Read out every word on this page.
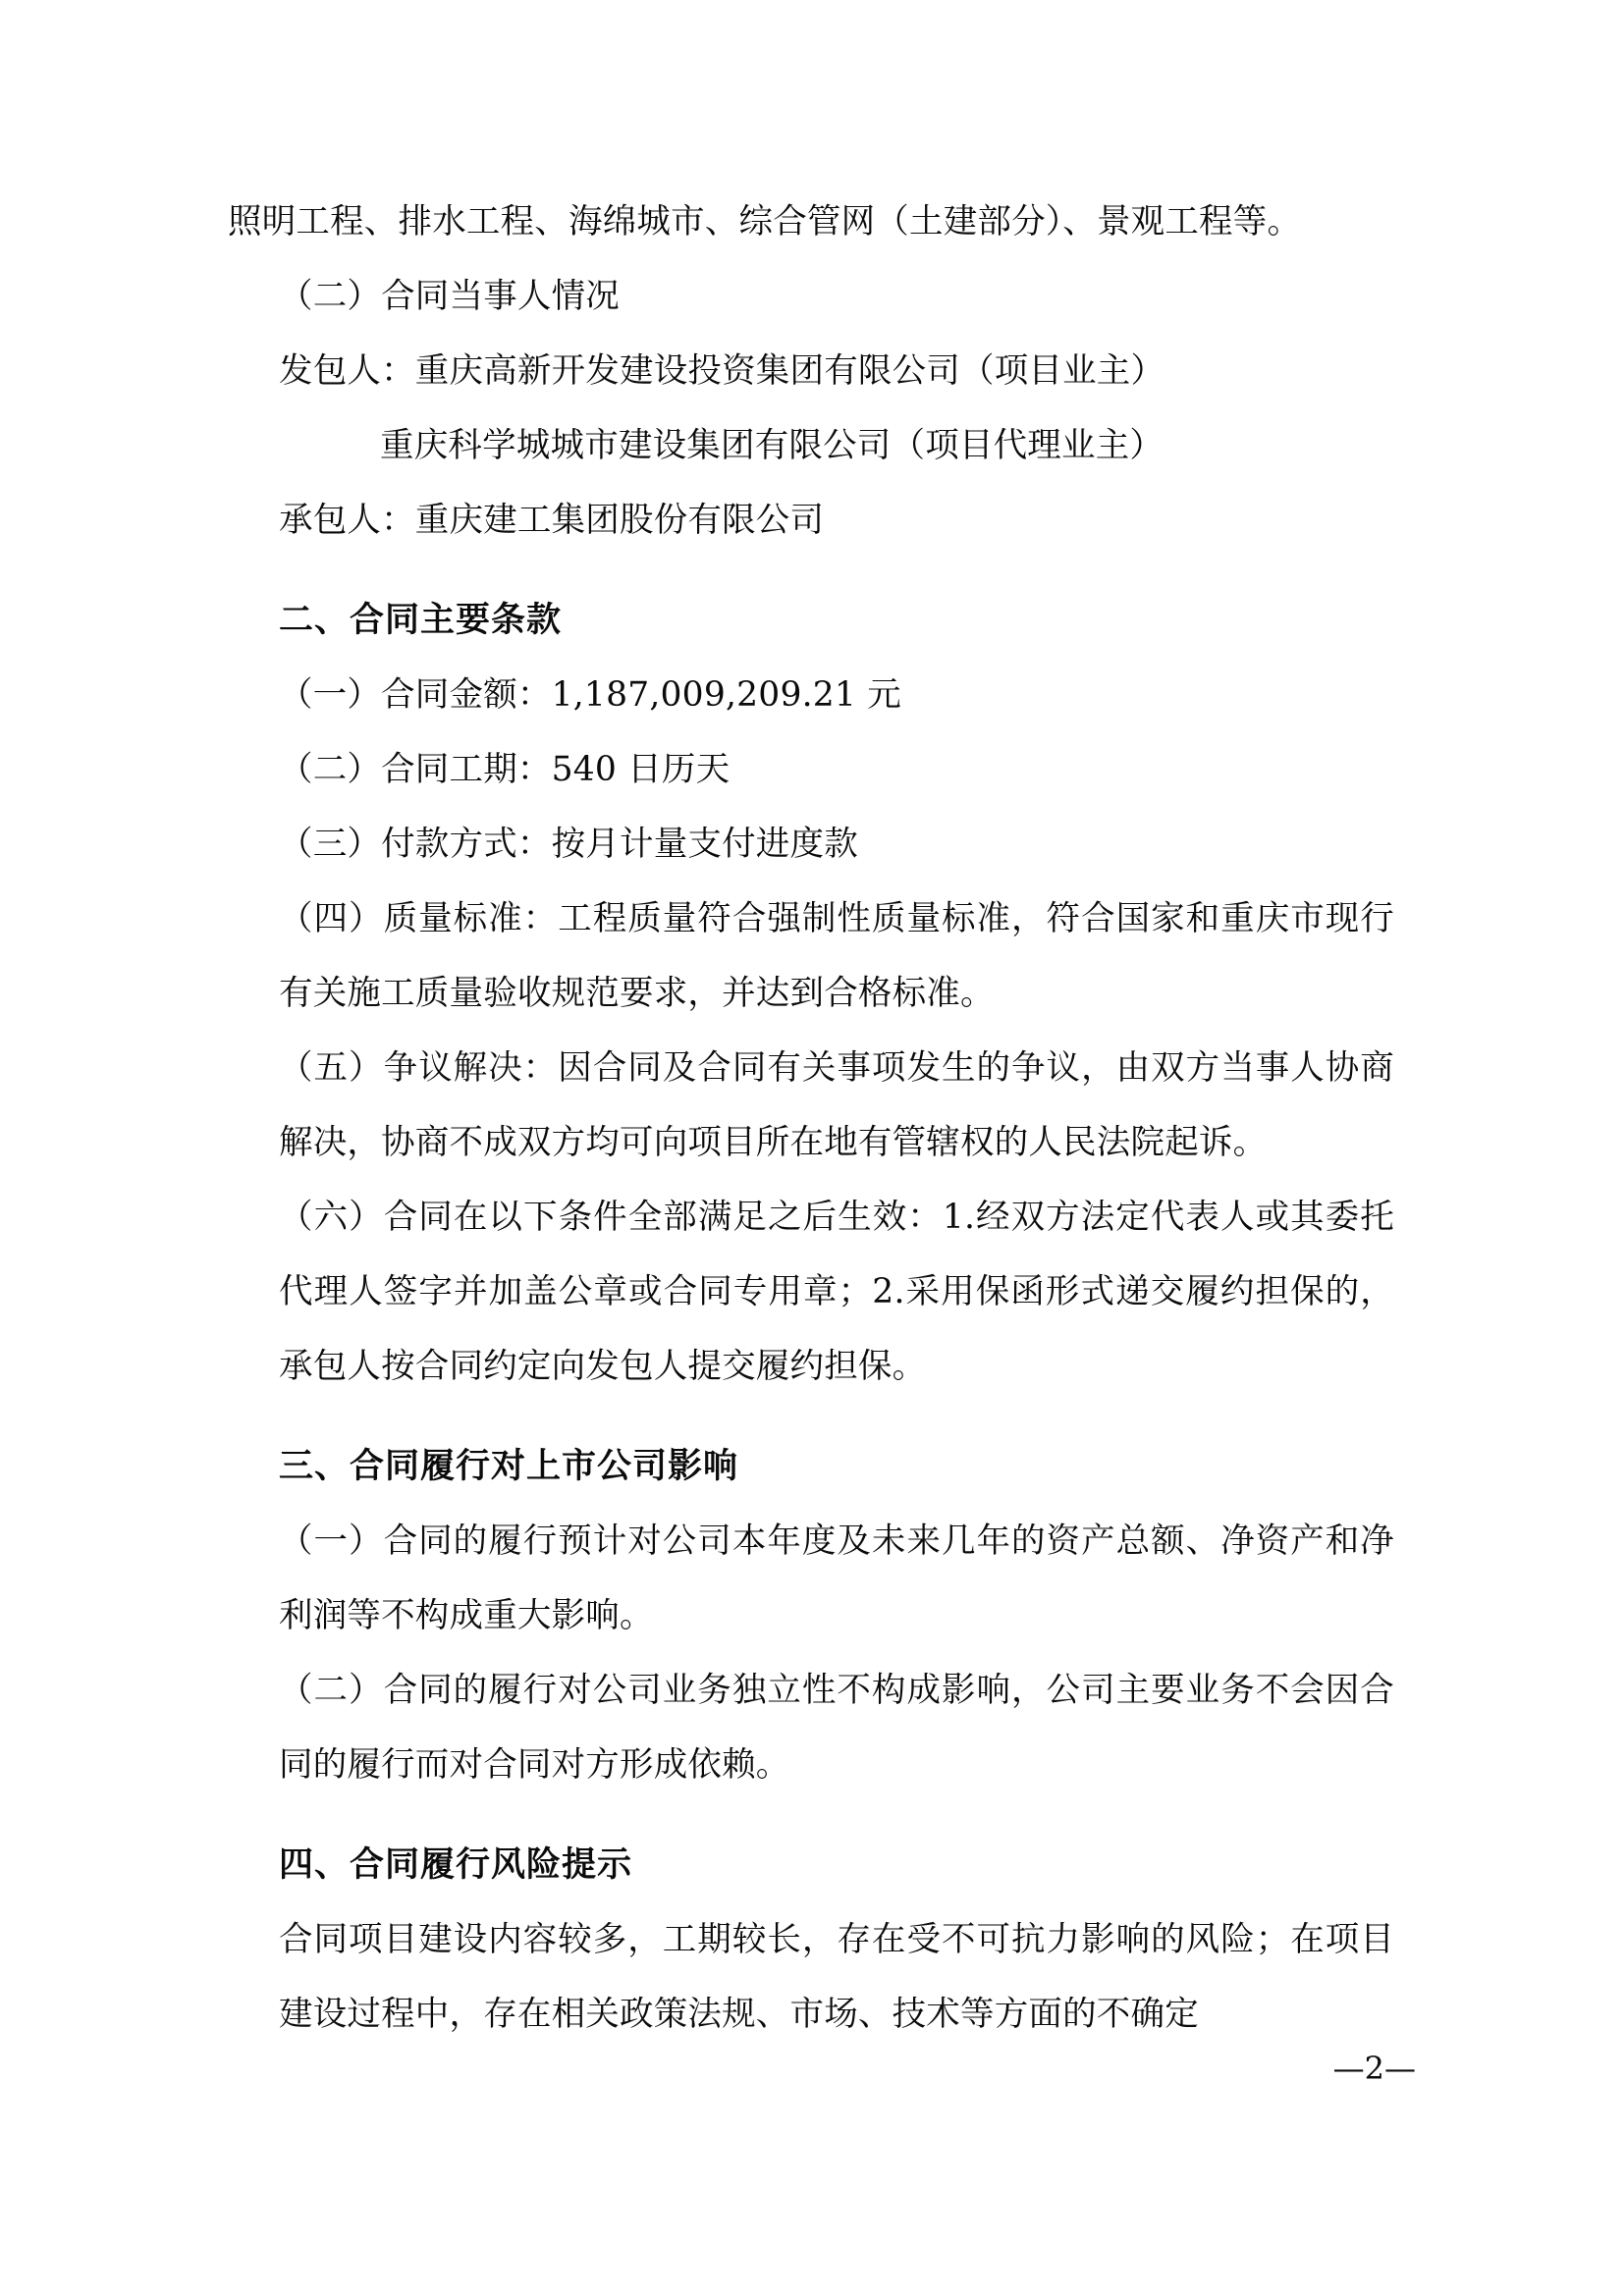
照明工程、排水工程、海绵城市、综合管网（土建部分）、景观工程等。

（二）合同当事人情况

发包人：重庆高新开发建设投资集团有限公司（项目业主）

重庆科学城城市建设集团有限公司（项目代理业主）

承包人：重庆建工集团股份有限公司

二、合同主要条款

（一）合同金额：1,187,009,209.21 元

（二）合同工期：540 日历天

（三）付款方式：按月计量支付进度款

（四）质量标准：工程质量符合强制性质量标准，符合国家和重庆市现行有关施工质量验收规范要求，并达到合格标准。

（五）争议解决：因合同及合同有关事项发生的争议，由双方当事人协商解决，协商不成双方均可向项目所在地有管辖权的人民法院起诉。

（六）合同在以下条件全部满足之后生效：1.经双方法定代表人或其委托代理人签字并加盖公章或合同专用章；2.采用保函形式递交履约担保的，承包人按合同约定向发包人提交履约担保。

三、合同履行对上市公司影响

（一）合同的履行预计对公司本年度及未来几年的资产总额、净资产和净利润等不构成重大影响。

（二）合同的履行对公司业务独立性不构成影响，公司主要业务不会因合同的履行而对合同对方形成依赖。

四、合同履行风险提示

合同项目建设内容较多，工期较长，存在受不可抗力影响的风险；在项目建设过程中，存在相关政策法规、市场、技术等方面的不确定

—2—
